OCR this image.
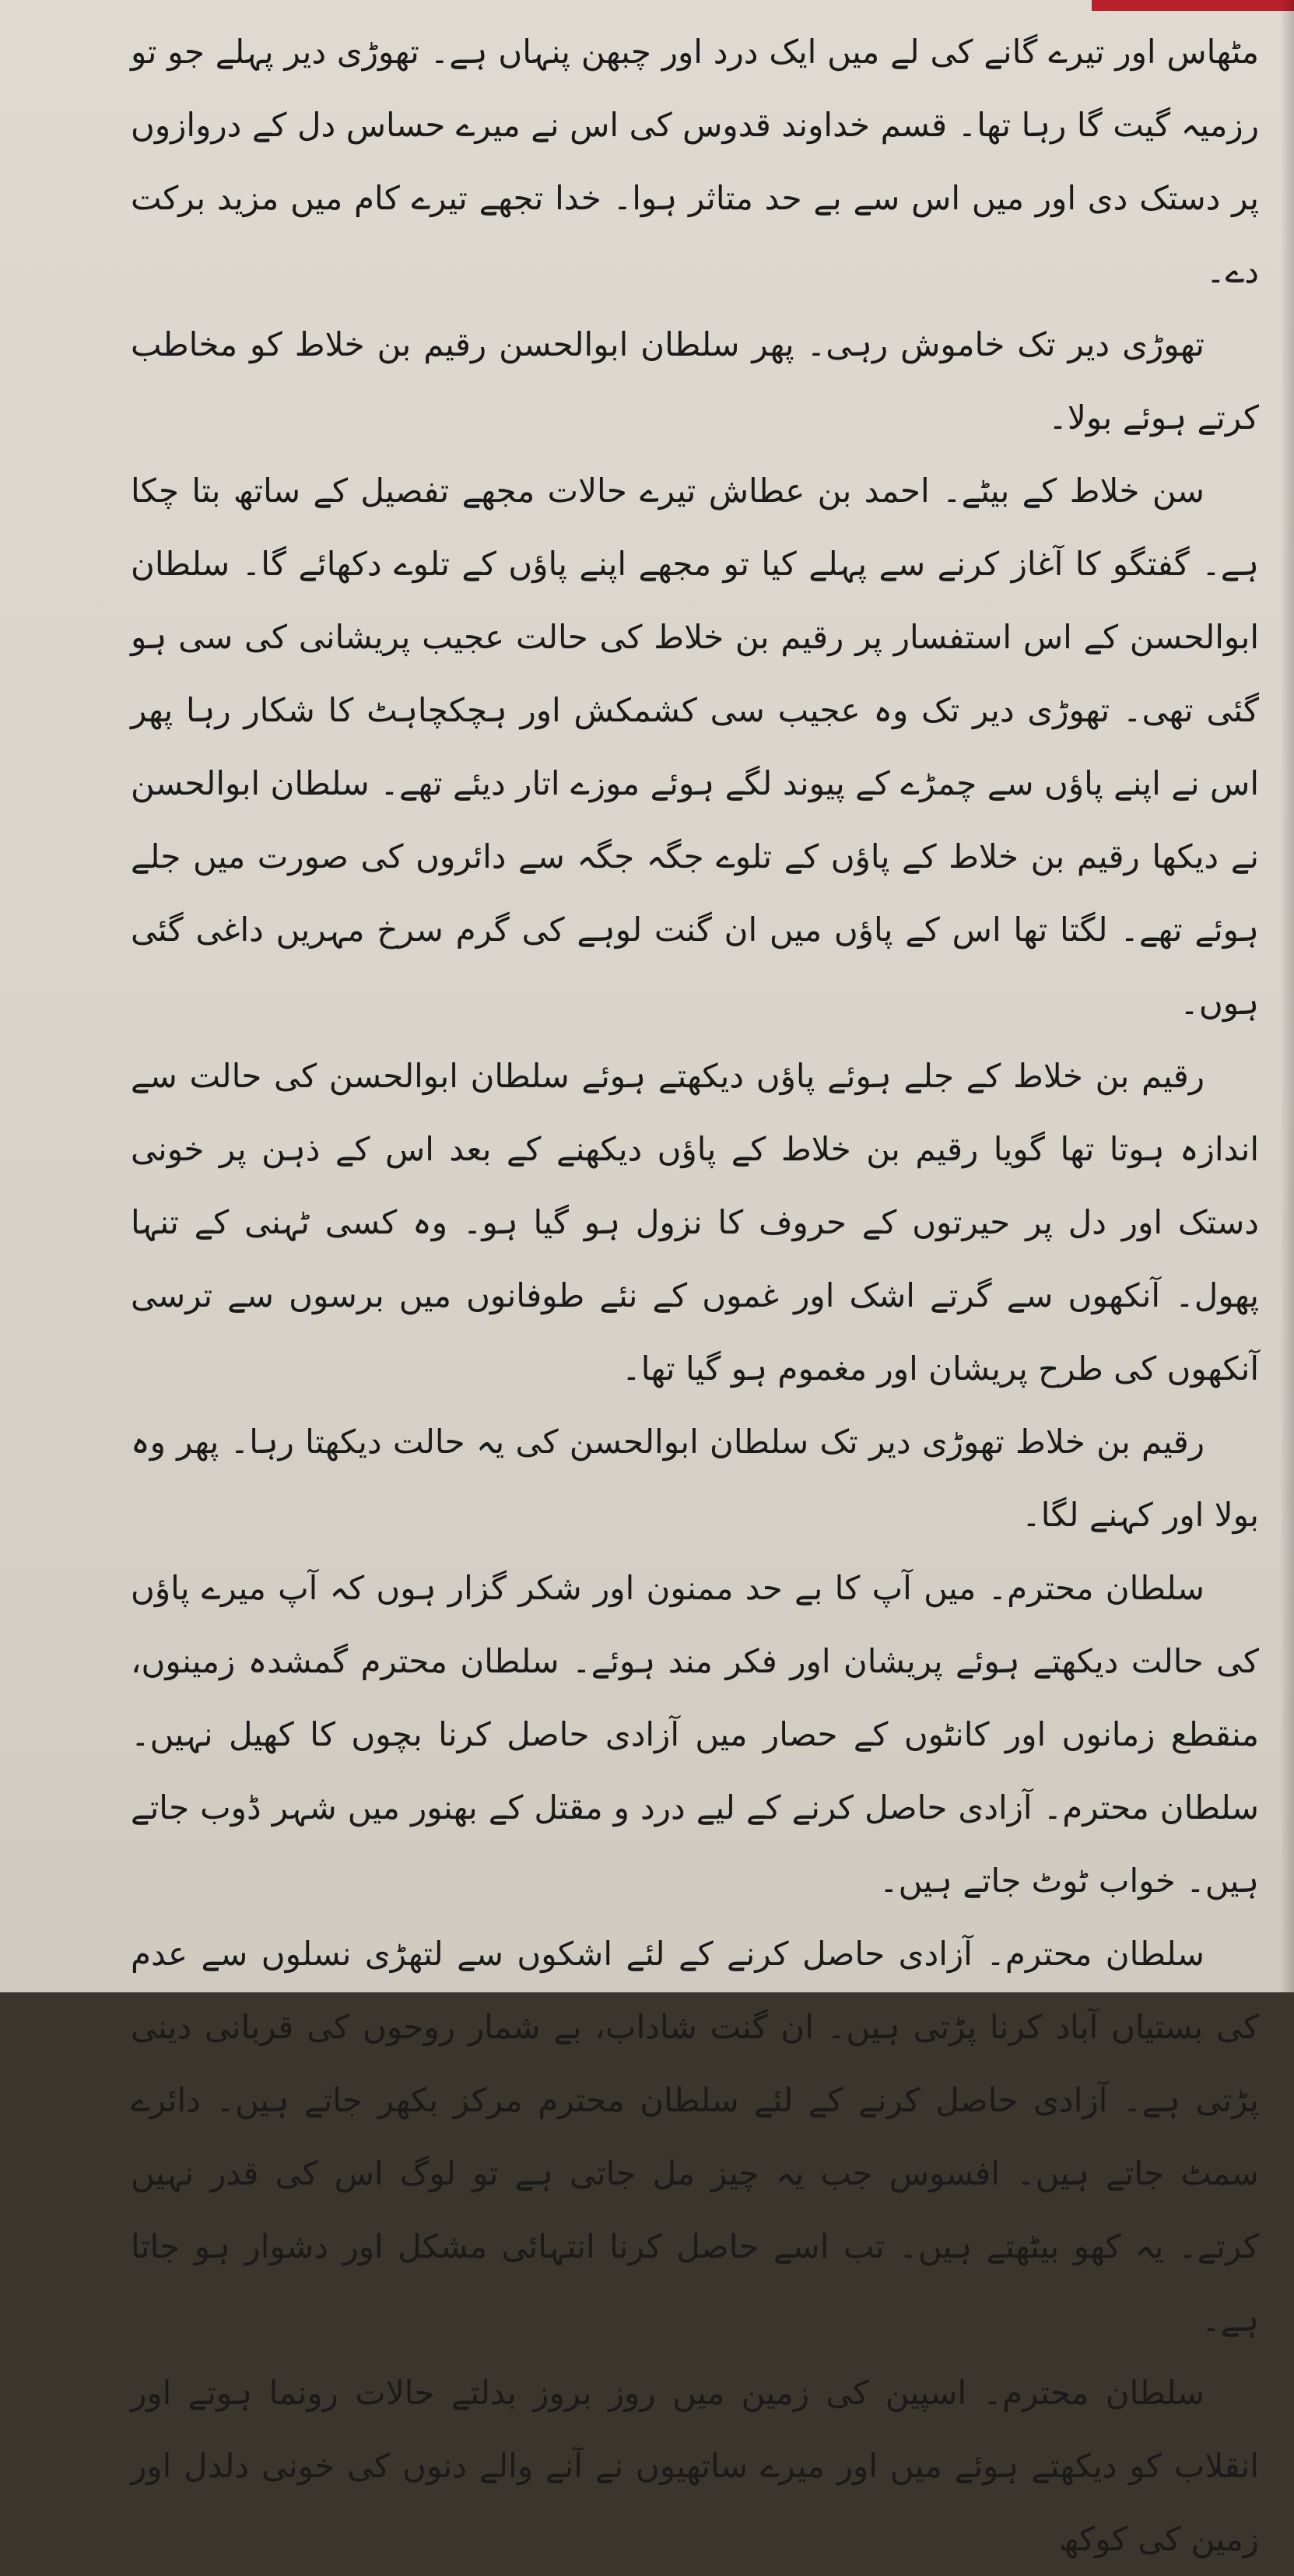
مٹھاس اور تیرے گانے کی لے میں ایک درد اور چبھن پنہاں ہے۔ تھوڑی دیر پہلے جو تو رزمیہ گیت گا رہا تھا۔ قسم خداوند قدوس کی اس نے میرے حساس دل کے دروازوں پر دستک دی اور میں اس سے بے حد متاثر ہوا۔ خدا تجھے تیرے کام میں مزید برکت دے۔

تھوڑی دیر تک خاموش رہی۔ پھر سلطان ابوالحسن رقیم بن خلاط کو مخاطب کرتے ہوئے بولا۔

سن خلاط کے بیٹے۔ احمد بن عطاش تیرے حالات مجھے تفصیل کے ساتھ بتا چکا ہے۔ گفتگو کا آغاز کرنے سے پہلے کیا تو مجھے اپنے پاؤں کے تلوے دکھائے گا۔ سلطان ابوالحسن کے اس استفسار پر رقیم بن خلاط کی حالت عجیب پریشانی کی سی ہو گئی تھی۔ تھوڑی دیر تک وہ عجیب سی کشمکش اور ہچکچاہٹ کا شکار رہا پھر اس نے اپنے پاؤں سے چمڑے کے پیوند لگے ہوئے موزے اتار دیئے تھے۔ سلطان ابوالحسن نے دیکھا رقیم بن خلاط کے پاؤں کے تلوے جگہ جگہ سے دائروں کی صورت میں جلے ہوئے تھے۔ لگتا تھا اس کے پاؤں میں ان گنت لوہے کی گرم سرخ مہریں داغی گئی ہوں۔

رقیم بن خلاط کے جلے ہوئے پاؤں دیکھتے ہوئے سلطان ابوالحسن کی حالت سے اندازہ ہوتا تھا گویا رقیم بن خلاط کے پاؤں دیکھنے کے بعد اس کے ذہن پر خونی دستک اور دل پر حیرتوں کے حروف کا نزول ہو گیا ہو۔ وہ کسی ٹہنی کے تنہا پھول۔ آنکھوں سے گرتے اشک اور غموں کے نئے طوفانوں میں برسوں سے ترسی آنکھوں کی طرح پریشان اور مغموم ہو گیا تھا۔

رقیم بن خلاط تھوڑی دیر تک سلطان ابوالحسن کی یہ حالت دیکھتا رہا۔ پھر وہ بولا اور کہنے لگا۔

سلطان محترم۔ میں آپ کا بے حد ممنون اور شکر گزار ہوں کہ آپ میرے پاؤں کی حالت دیکھتے ہوئے پریشان اور فکر مند ہوئے۔ سلطان محترم گمشدہ زمینوں، منقطع زمانوں اور کانٹوں کے حصار میں آزادی حاصل کرنا بچوں کا کھیل نہیں۔ سلطان محترم۔ آزادی حاصل کرنے کے لیے درد و مقتل کے بھنور میں شہر ڈوب جاتے ہیں۔ خواب ٹوٹ جاتے ہیں۔

سلطان محترم۔ آزادی حاصل کرنے کے لئے اشکوں سے لتھڑی نسلوں سے عدم کی بستیاں آباد کرنا پڑتی ہیں۔ ان گنت شاداب، بے شمار روحوں کی قربانی دینی پڑتی ہے۔ آزادی حاصل کرنے کے لئے سلطان محترم مرکز بکھر جاتے ہیں۔ دائرے سمٹ جاتے ہیں۔ افسوس جب یہ چیز مل جاتی ہے تو لوگ اس کی قدر نہیں کرتے۔ یہ کھو بیٹھتے ہیں۔ تب اسے حاصل کرنا انتہائی مشکل اور دشوار ہو جاتا ہے۔

سلطان محترم۔ اسپین کی زمین میں روز بروز بدلتے حالات رونما ہوتے اور انقلاب کو دیکھتے ہوئے میں اور میرے ساتھیوں نے آنے والے دنوں کی خونی دلدل اور زمین کی کوکھ
